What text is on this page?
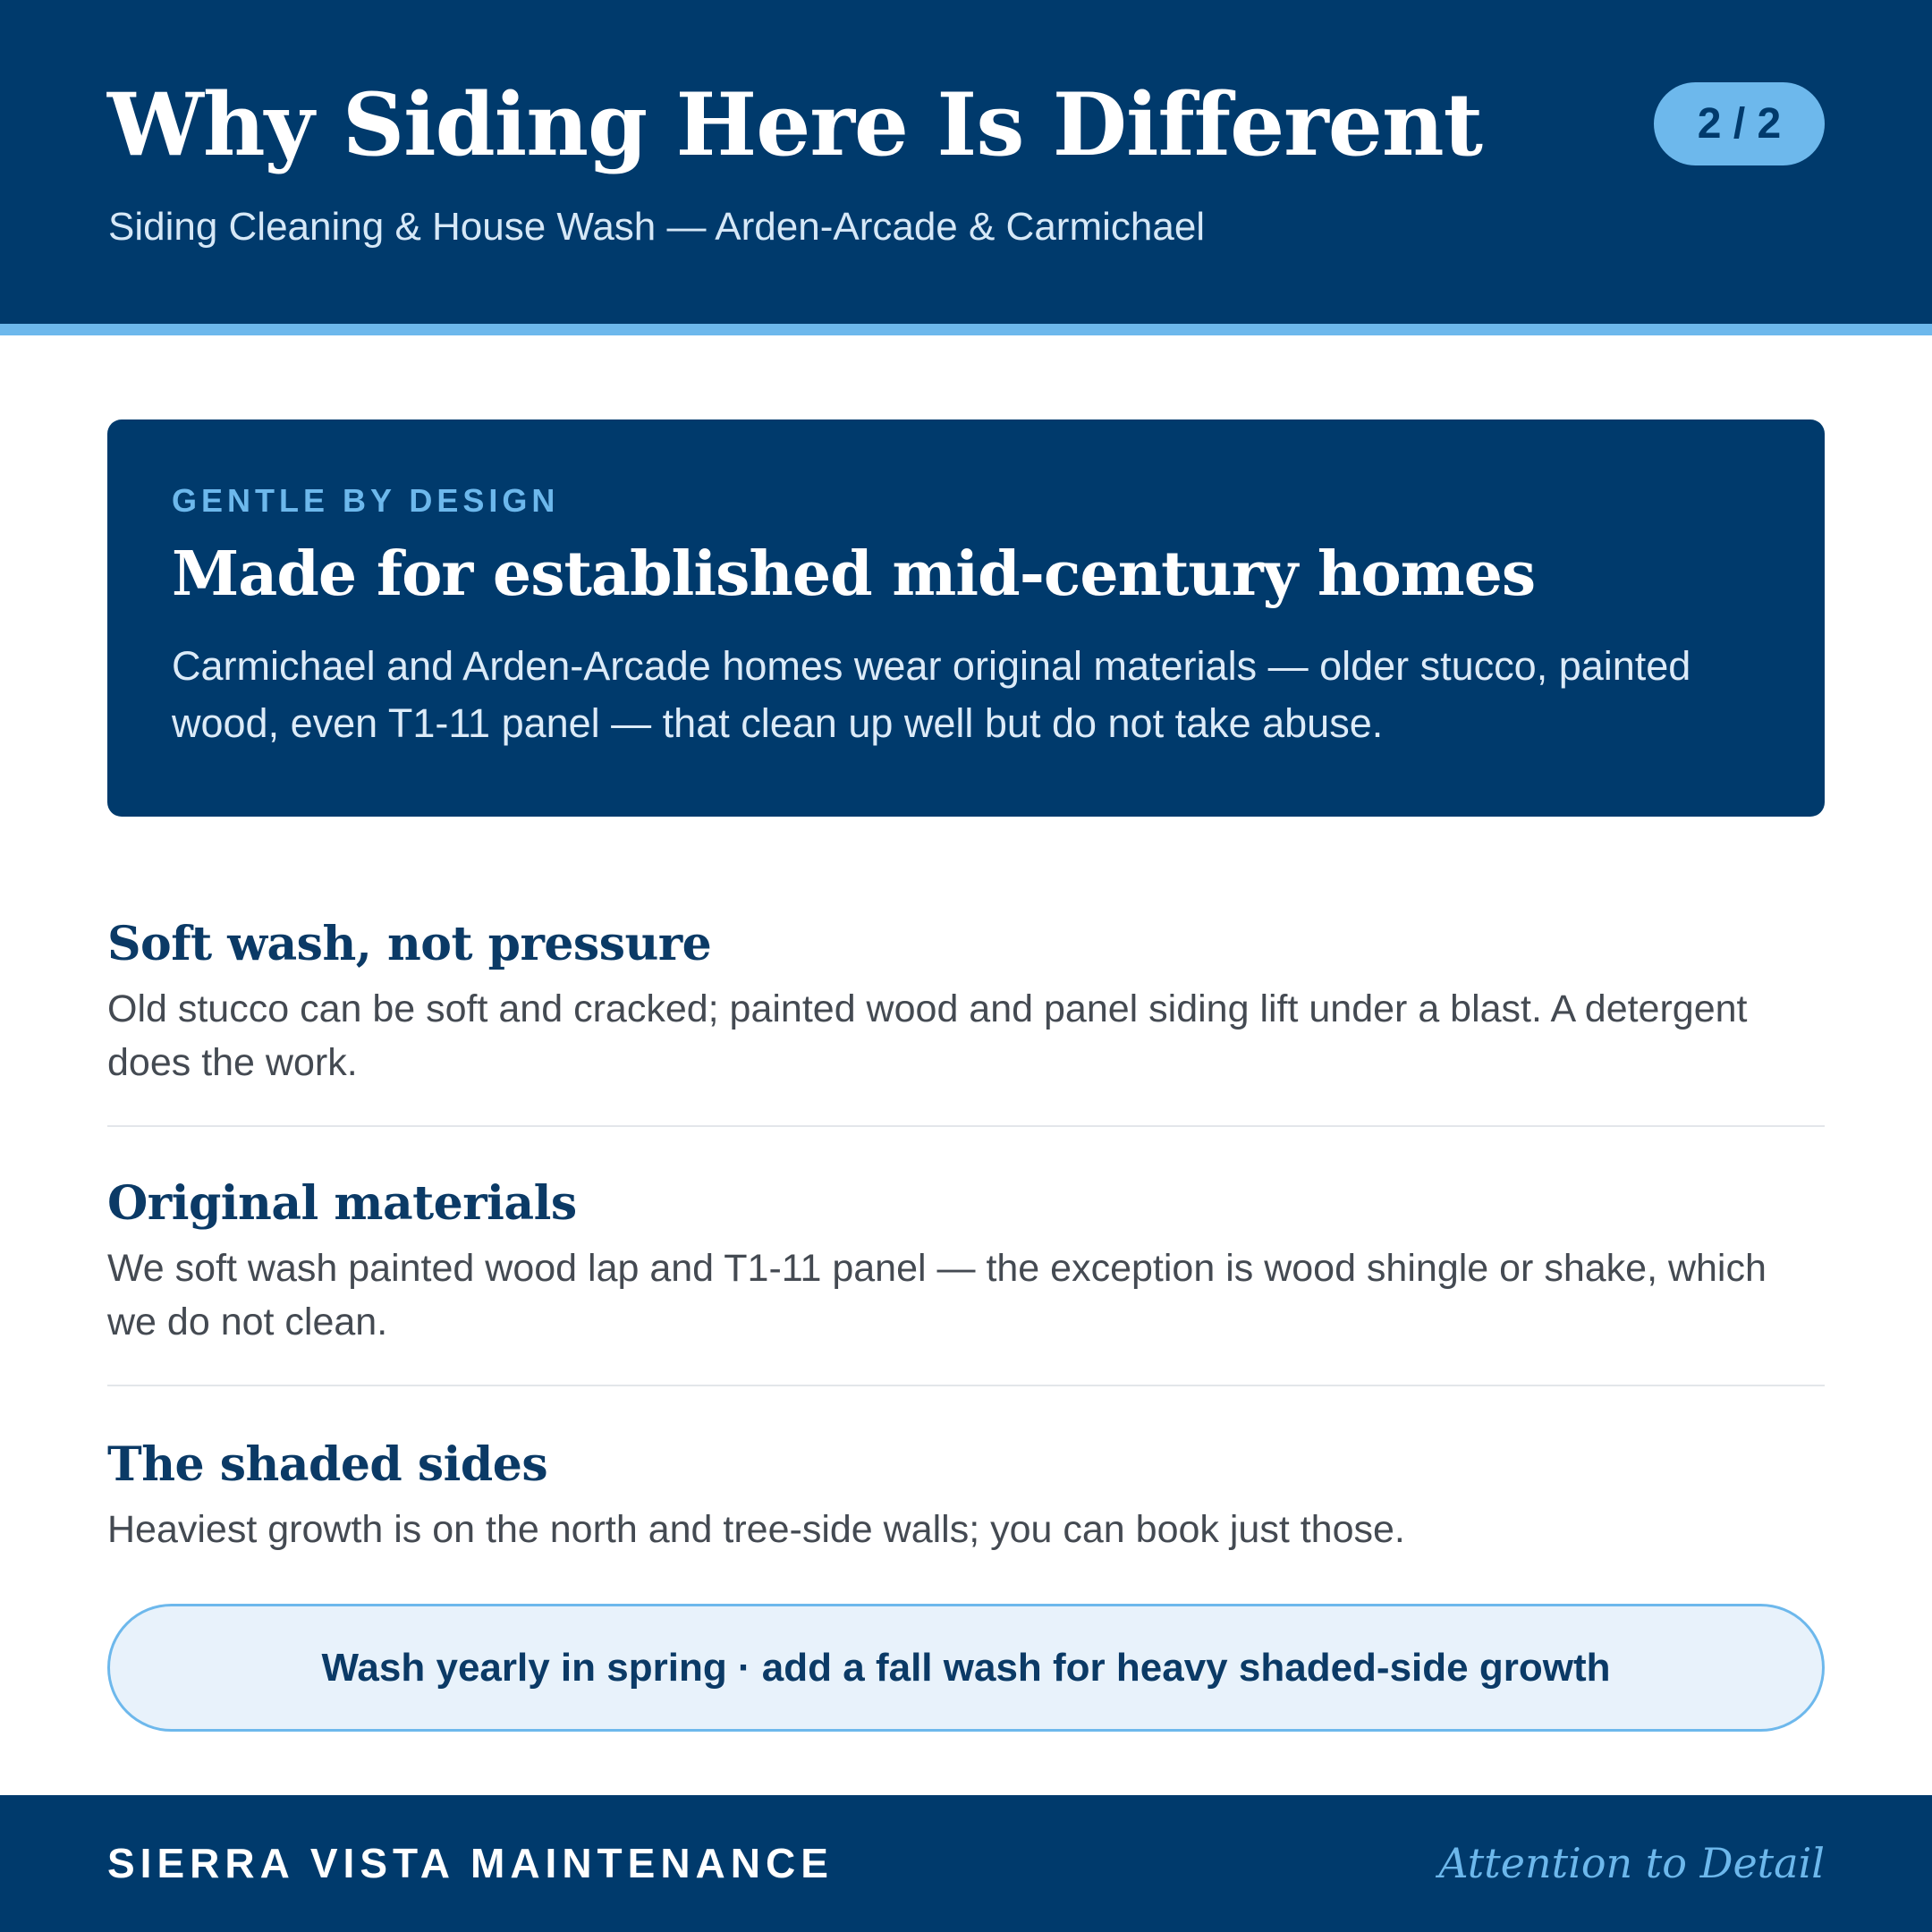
Why Siding Here Is Different
Siding Cleaning & House Wash — Arden-Arcade & Carmichael
2 / 2
GENTLE BY DESIGN
Made for established mid-century homes
Carmichael and Arden-Arcade homes wear original materials — older stucco, painted wood, even T1-11 panel — that clean up well but do not take abuse.
Soft wash, not pressure

Old stucco can be soft and cracked; painted wood and panel siding lift under a blast. A detergent does the work.

Original materials

We soft wash painted wood lap and T1-11 panel — the exception is wood shingle or shake, which we do not clean.

The shaded sides

Heaviest growth is on the north and tree-side walls; you can book just those.

Wash yearly in spring · add a fall wash for heavy shaded-side growth
SIERRA VISTA MAINTENANCE	Attention to Detail
